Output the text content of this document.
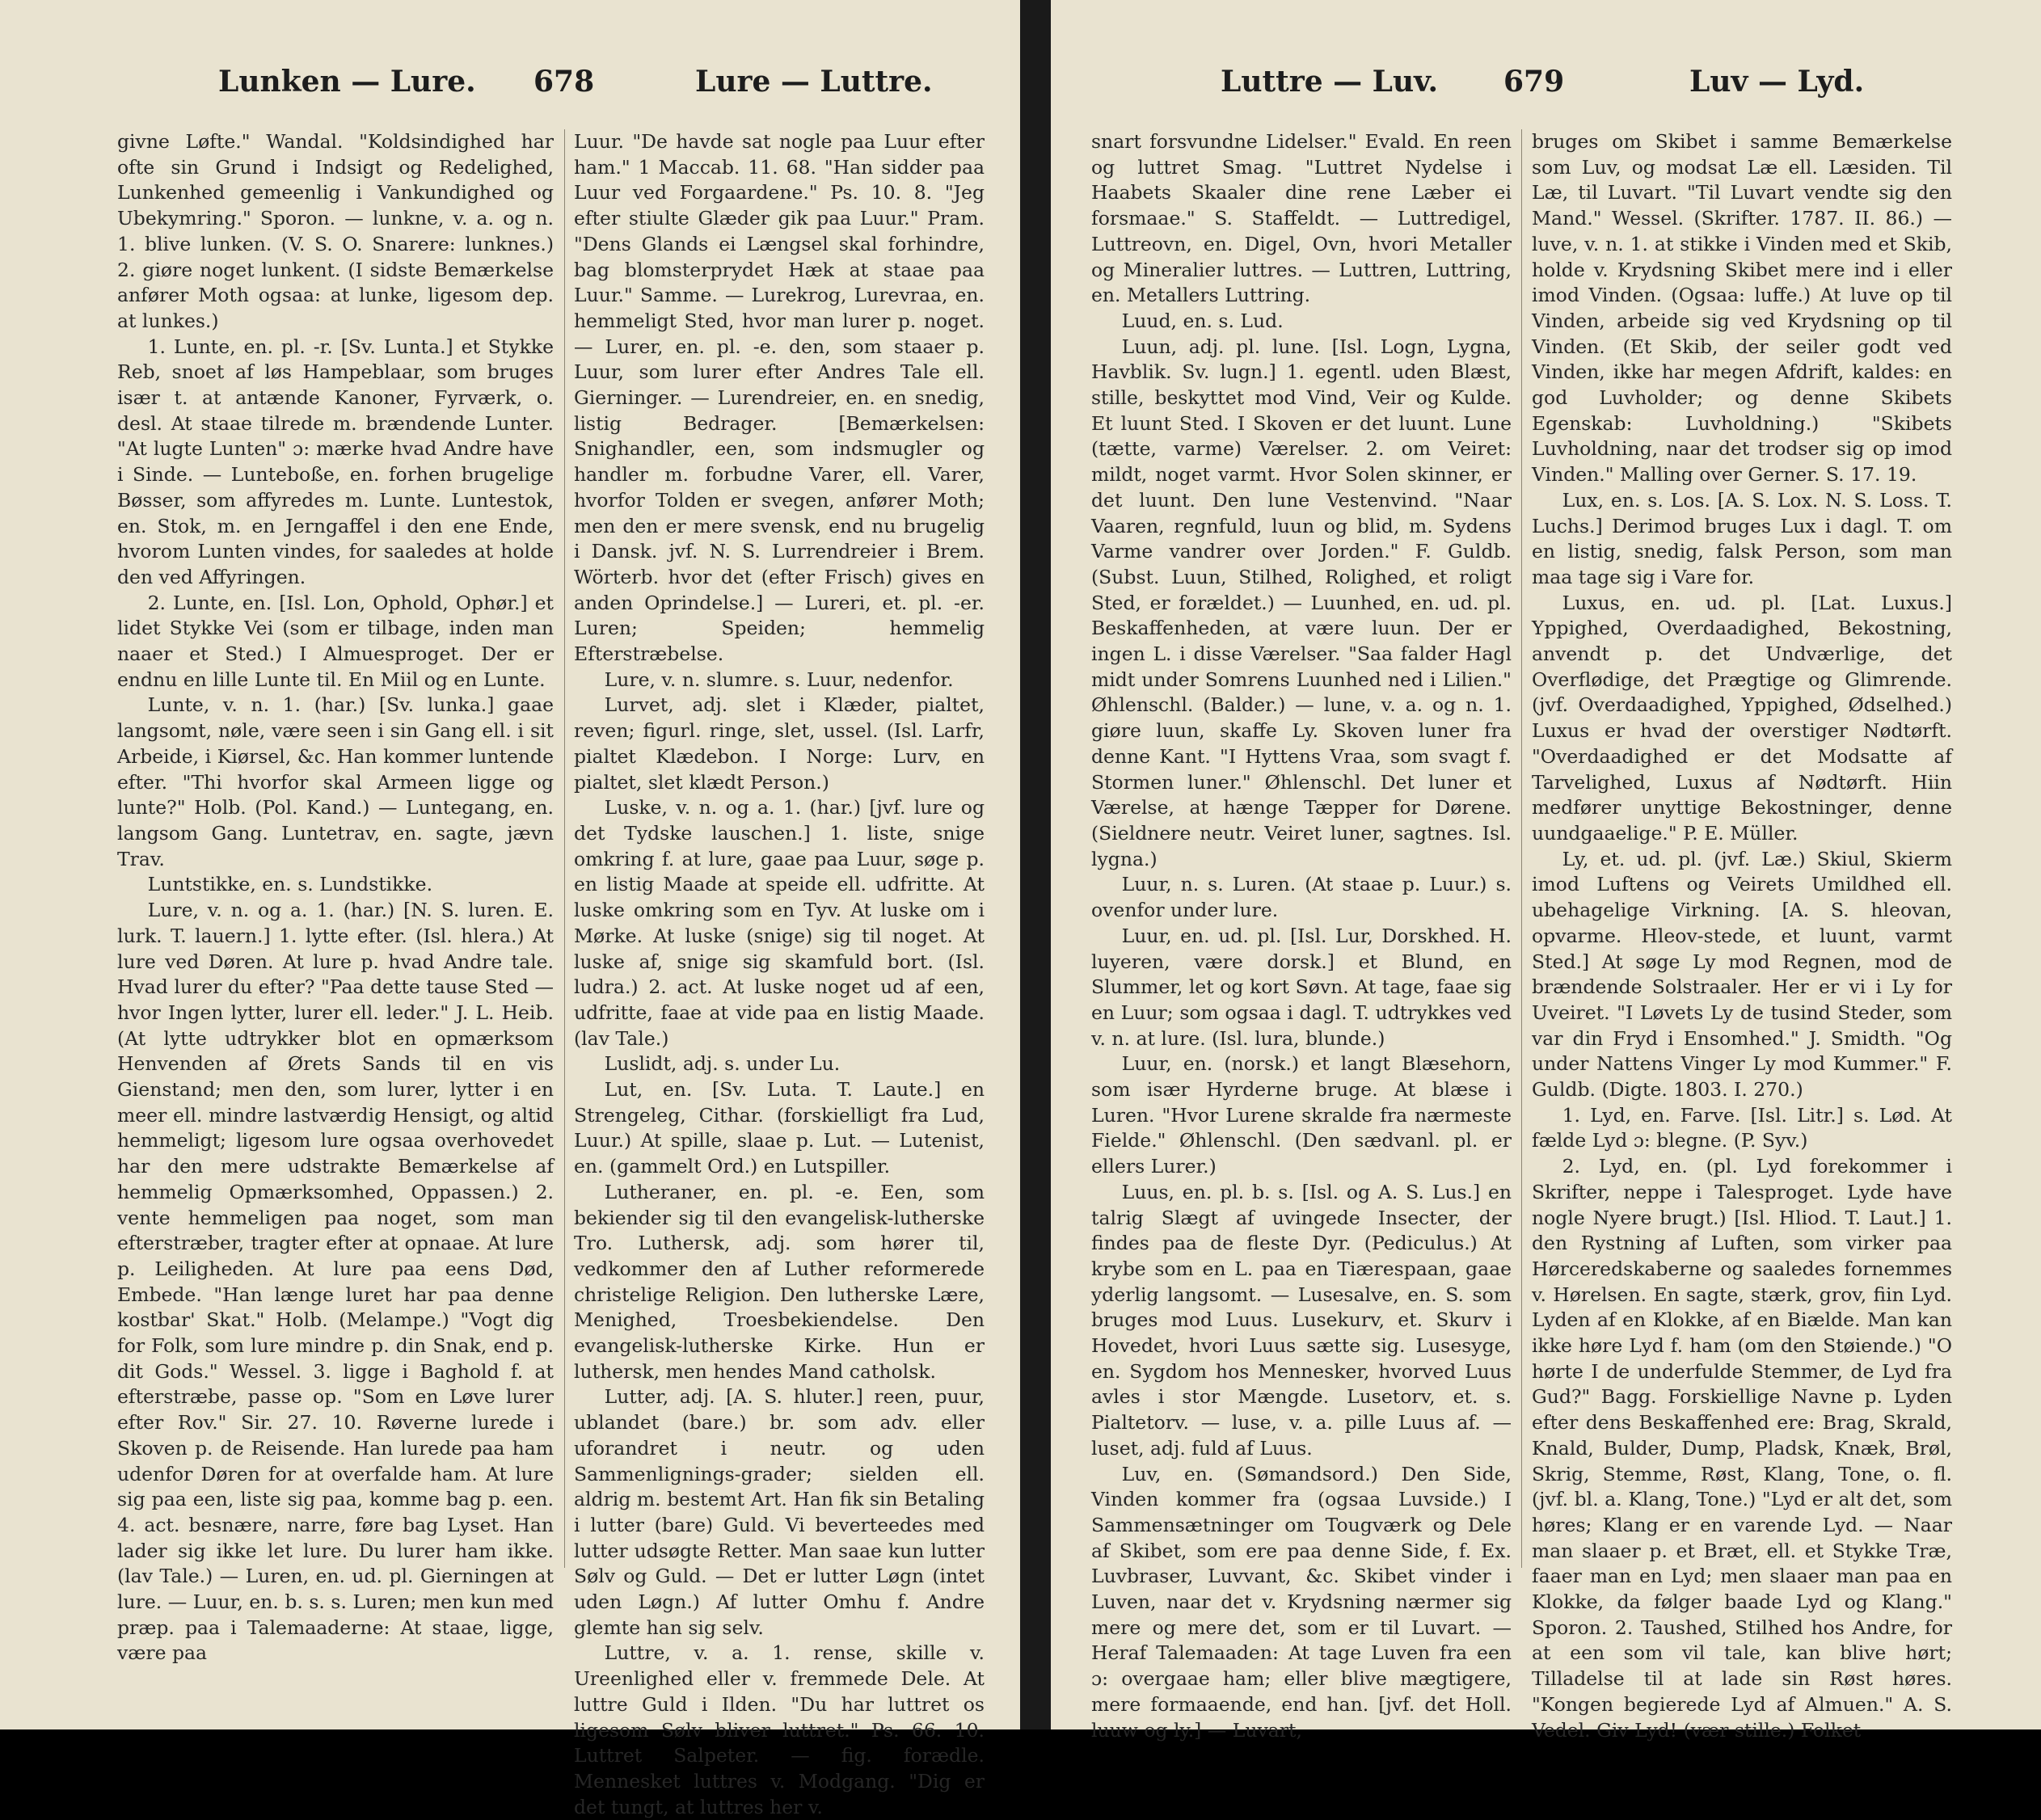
Lunken — Lure. 678	Lure — Luttre.

givne Løfte." Wandal. "Koldsindighed har ofte sin Grund i Indsigt og Redelighed, Lunkenhed gemeenlig i Vankundighed og Ubekymring." Sporon. — lunkne, v. a. og n. 1. blive lunken. (V. S. O. Snarere: lunknes.) 2. giøre noget lunkent. (I sidste Bemærkelse anfører Moth ogsaa: at lunke, ligesom dep. at lunkes.)

1. Lunte, en. pl. -r. [Sv. Lunta.] et Stykke Reb, snoet af løs Hampeblaar, som bruges især t. at antænde Kanoner, Fyrværk, o. desl. At staae tilrede m. brændende Lunter. "At lugte Lunten" ɔ: mærke hvad Andre have i Sinde. — Lunteboße, en. forhen brugelige Bøsser, som affyredes m. Lunte. Luntestok, en. Stok, m. en Jerngaffel i den ene Ende, hvorom Lunten vindes, for saaledes at holde den ved Affyringen.

2. Lunte, en. [Isl. Lon, Ophold, Ophør.] et lidet Stykke Vei (som er tilbage, inden man naaer et Sted.) I Almuesproget. Der er endnu en lille Lunte til. En Miil og en Lunte.

Lunte, v. n. 1. (har.) [Sv. lunka.] gaae langsomt, nøle, være seen i sin Gang ell. i sit Arbeide, i Kiørsel, &c. Han kommer luntende efter. "Thi hvorfor skal Armeen ligge og lunte?" Holb. (Pol. Kand.) — Luntegang, en. langsom Gang. Luntetrav, en. sagte, jævn Trav.

Luntstikke, en. s. Lundstikke.

Lure, v. n. og a. 1. (har.) [N. S. luren. E. lurk. T. lauern.] 1. lytte efter. (Isl. hlera.) At lure ved Døren. At lure p. hvad Andre tale. Hvad lurer du efter? "Paa dette tause Sted — hvor Ingen lytter, lurer ell. leder." J. L. Heib. (At lytte udtrykker blot en opmærksom Henvenden af Ørets Sands til en vis Gienstand; men den, som lurer, lytter i en meer ell. mindre lastværdig Hensigt, og altid hemmeligt; ligesom lure ogsaa overhovedet har den mere udstrakte Bemærkelse af hemmelig Opmærksomhed, Oppassen.) 2. vente hemmeligen paa noget, som man efterstræber, tragter efter at opnaae. At lure p. Leiligheden. At lure paa eens Død, Embede. "Han længe luret har paa denne kostbar' Skat." Holb. (Melampe.) "Vogt dig for Folk, som lure mindre p. din Snak, end p. dit Gods." Wessel. 3. ligge i Baghold f. at efterstræbe, passe op. "Som en Løve lurer efter Rov." Sir. 27. 10. Røverne lurede i Skoven p. de Reisende. Han lurede paa ham udenfor Døren for at overfalde ham. At lure sig paa een, liste sig paa, komme bag p. een. 4. act. besnære, narre, føre bag Lyset. Han lader sig ikke let lure. Du lurer ham ikke. (lav Tale.) — Luren, en. ud. pl. Gierningen at lure. — Luur, en. b. s. s. Luren; men kun med præp. paa i Talemaaderne: At staae, ligge, være paa

Luur. "De havde sat nogle paa Luur efter ham." 1 Maccab. 11. 68. "Han sidder paa Luur ved Forgaardene." Ps. 10. 8. "Jeg efter stiulte Glæder gik paa Luur." Pram. "Dens Glands ei Længsel skal forhindre, bag blomsterprydet Hæk at staae paa Luur." Samme. — Lurekrog, Lurevraa, en. hemmeligt Sted, hvor man lurer p. noget. — Lurer, en. pl. -e. den, som staaer p. Luur, som lurer efter Andres Tale ell. Gierninger. — Lurendreier, en. en snedig, listig Bedrager. [Bemærkelsen: Snighandler, een, som indsmugler og handler m. forbudne Varer, ell. Varer, hvorfor Tolden er svegen, anfører Moth; men den er mere svensk, end nu brugelig i Dansk. jvf. N. S. Lurrendreier i Brem. Wörterb. hvor det (efter Frisch) gives en anden Oprindelse.] — Lureri, et. pl. -er. Luren; Speiden; hemmelig Efterstræbelse.

Lure, v. n. slumre. s. Luur, nedenfor.

Lurvet, adj. slet i Klæder, pialtet, reven; figurl. ringe, slet, ussel. (Isl. Larfr, pialtet Klædebon. I Norge: Lurv, en pialtet, slet klædt Person.)

Luske, v. n. og a. 1. (har.) [jvf. lure og det Tydske lauschen.] 1. liste, snige omkring f. at lure, gaae paa Luur, søge p. en listig Maade at speide ell. udfritte. At luske omkring som en Tyv. At luske om i Mørke. At luske (snige) sig til noget. At luske af, snige sig skamfuld bort. (Isl. ludra.) 2. act. At luske noget ud af een, udfritte, faae at vide paa en listig Maade. (lav Tale.)

Luslidt, adj. s. under Lu.

Lut, en. [Sv. Luta. T. Laute.] en Strengeleg, Cithar. (forskielligt fra Lud, Luur.) At spille, slaae p. Lut. — Lutenist, en. (gammelt Ord.) en Lutspiller.

Lutheraner, en. pl. -e. Een, som bekiender sig til den evangelisk-lutherske Tro. Luthersk, adj. som hører til, vedkommer den af Luther reformerede christelige Religion. Den lutherske Lære, Menighed, Troesbekiendelse. Den evangelisk-lutherske Kirke. Hun er luthersk, men hendes Mand catholsk.

Lutter, adj. [A. S. hluter.] reen, puur, ublandet (bare.) br. som adv. eller uforandret i neutr. og uden Sammenlignings-grader; sielden ell. aldrig m. bestemt Art. Han fik sin Betaling i lutter (bare) Guld. Vi beverteedes med lutter udsøgte Retter. Man saae kun lutter Sølv og Guld. — Det er lutter Løgn (intet uden Løgn.) Af lutter Omhu f. Andre glemte han sig selv.

Luttre, v. a. 1. rense, skille v. Ureenlighed eller v. fremmede Dele. At luttre Guld i Ilden. "Du har luttret os ligesom Sølv bliver luttret." Ps. 66. 10. Luttret Salpeter. — fig. forædle. Mennesket luttres v. Modgang. "Dig er det tungt, at luttres her v.

Luttre — Luv. 679	Luv — Lyd.

snart forsvundne Lidelser." Evald. En reen og luttret Smag. "Luttret Nydelse i Haabets Skaaler dine rene Læber ei forsmaae." S. Staffeldt. — Luttredigel, Luttreovn, en. Digel, Ovn, hvori Metaller og Mineralier luttres. — Luttren, Luttring, en. Metallers Luttring.

Luud, en. s. Lud.

Luun, adj. pl. lune. [Isl. Logn, Lygna, Havblik. Sv. lugn.] 1. egentl. uden Blæst, stille, beskyttet mod Vind, Veir og Kulde. Et luunt Sted. I Skoven er det luunt. Lune (tætte, varme) Værelser. 2. om Veiret: mildt, noget varmt. Hvor Solen skinner, er det luunt. Den lune Vestenvind. "Naar Vaaren, regnfuld, luun og blid, m. Sydens Varme vandrer over Jorden." F. Guldb. (Subst. Luun, Stilhed, Rolighed, et roligt Sted, er forældet.) — Luunhed, en. ud. pl. Beskaffenheden, at være luun. Der er ingen L. i disse Værelser. "Saa falder Hagl midt under Somrens Luunhed ned i Lilien." Øhlenschl. (Balder.) — lune, v. a. og n. 1. giøre luun, skaffe Ly. Skoven luner fra denne Kant. "I Hyttens Vraa, som svagt f. Stormen luner." Øhlenschl. Det luner et Værelse, at hænge Tæpper for Dørene. (Sieldnere neutr. Veiret luner, sagtnes. Isl. lygna.)

Luur, n. s. Luren. (At staae p. Luur.) s. ovenfor under lure.

Luur, en. ud. pl. [Isl. Lur, Dorskhed. H. luyeren, være dorsk.] et Blund, en Slummer, let og kort Søvn. At tage, faae sig en Luur; som ogsaa i dagl. T. udtrykkes ved v. n. at lure. (Isl. lura, blunde.)

Luur, en. (norsk.) et langt Blæsehorn, som især Hyrderne bruge. At blæse i Luren. "Hvor Lurene skralde fra nærmeste Fielde." Øhlenschl. (Den sædvanl. pl. er ellers Lurer.)

Luus, en. pl. b. s. [Isl. og A. S. Lus.] en talrig Slægt af uvingede Insecter, der findes paa de fleste Dyr. (Pediculus.) At krybe som en L. paa en Tiærespaan, gaae yderlig langsomt. — Lusesalve, en. S. som bruges mod Luus. Lusekurv, et. Skurv i Hovedet, hvori Luus sætte sig. Lusesyge, en. Sygdom hos Mennesker, hvorved Luus avles i stor Mængde. Lusetorv, et. s. Pialtetorv. — luse, v. a. pille Luus af. — luset, adj. fuld af Luus.

Luv, en. (Sømandsord.) Den Side, Vinden kommer fra (ogsaa Luvside.) I Sammensætninger om Tougværk og Dele af Skibet, som ere paa denne Side, f. Ex. Luvbraser, Luvvant, &c. Skibet vinder i Luven, naar det v. Krydsning nærmer sig mere og mere det, som er til Luvart. — Heraf Talemaaden: At tage Luven fra een ɔ: overgaae ham; eller blive mægtigere, mere formaaende, end han. [jvf. det Holl. luuw og ly.] — Luvart,

bruges om Skibet i samme Bemærkelse som Luv, og modsat Læ ell. Læsiden. Til Læ, til Luvart. "Til Luvart vendte sig den Mand." Wessel. (Skrifter. 1787. II. 86.) — luve, v. n. 1. at stikke i Vinden med et Skib, holde v. Krydsning Skibet mere ind i eller imod Vinden. (Ogsaa: luffe.) At luve op til Vinden, arbeide sig ved Krydsning op til Vinden. (Et Skib, der seiler godt ved Vinden, ikke har megen Afdrift, kaldes: en god Luvholder; og denne Skibets Egenskab: Luvholdning.) "Skibets Luvholdning, naar det trodser sig op imod Vinden." Malling over Gerner. S. 17. 19.

Lux, en. s. Los. [A. S. Lox. N. S. Loss. T. Luchs.] Derimod bruges Lux i dagl. T. om en listig, snedig, falsk Person, som man maa tage sig i Vare for.

Luxus, en. ud. pl. [Lat. Luxus.] Yppighed, Overdaadighed, Bekostning, anvendt p. det Undværlige, det Overflødige, det Prægtige og Glimrende. (jvf. Overdaadighed, Yppighed, Ødselhed.) Luxus er hvad der overstiger Nødtørft. "Overdaadighed er det Modsatte af Tarvelighed, Luxus af Nødtørft. Hiin medfører unyttige Bekostninger, denne uundgaaelige." P. E. Müller.

Ly, et. ud. pl. (jvf. Læ.) Skiul, Skierm imod Luftens og Veirets Umildhed ell. ubehagelige Virkning. [A. S. hleovan, opvarme. Hleov-stede, et luunt, varmt Sted.] At søge Ly mod Regnen, mod de brændende Solstraaler. Her er vi i Ly for Uveiret. "I Løvets Ly de tusind Steder, som var din Fryd i Ensomhed." J. Smidth. "Og under Nattens Vinger Ly mod Kummer." F. Guldb. (Digte. 1803. I. 270.)

1. Lyd, en. Farve. [Isl. Litr.] s. Lød. At fælde Lyd ɔ: blegne. (P. Syv.)

2. Lyd, en. (pl. Lyd forekommer i Skrifter, neppe i Talesproget. Lyde have nogle Nyere brugt.) [Isl. Hliod. T. Laut.] 1. den Rystning af Luften, som virker paa Hørceredskaberne og saaledes fornemmes v. Hørelsen. En sagte, stærk, grov, fiin Lyd. Lyden af en Klokke, af en Biælde. Man kan ikke høre Lyd f. ham (om den Støiende.) "O hørte I de underfulde Stemmer, de Lyd fra Gud?" Bagg. Forskiellige Navne p. Lyden efter dens Beskaffenhed ere: Brag, Skrald, Knald, Bulder, Dump, Pladsk, Knæk, Brøl, Skrig, Stemme, Røst, Klang, Tone, o. fl. (jvf. bl. a. Klang, Tone.) "Lyd er alt det, som høres; Klang er en varende Lyd. — Naar man slaaer p. et Bræt, ell. et Stykke Træ, faaer man en Lyd; men slaaer man paa en Klokke, da følger baade Lyd og Klang." Sporon. 2. Taushed, Stilhed hos Andre, for at een som vil tale, kan blive hørt; Tilladelse til at lade sin Røst høres. "Kongen begierede Lyd af Almuen." A. S. Vedel. Giv Lyd! (vær stille.) Folket
